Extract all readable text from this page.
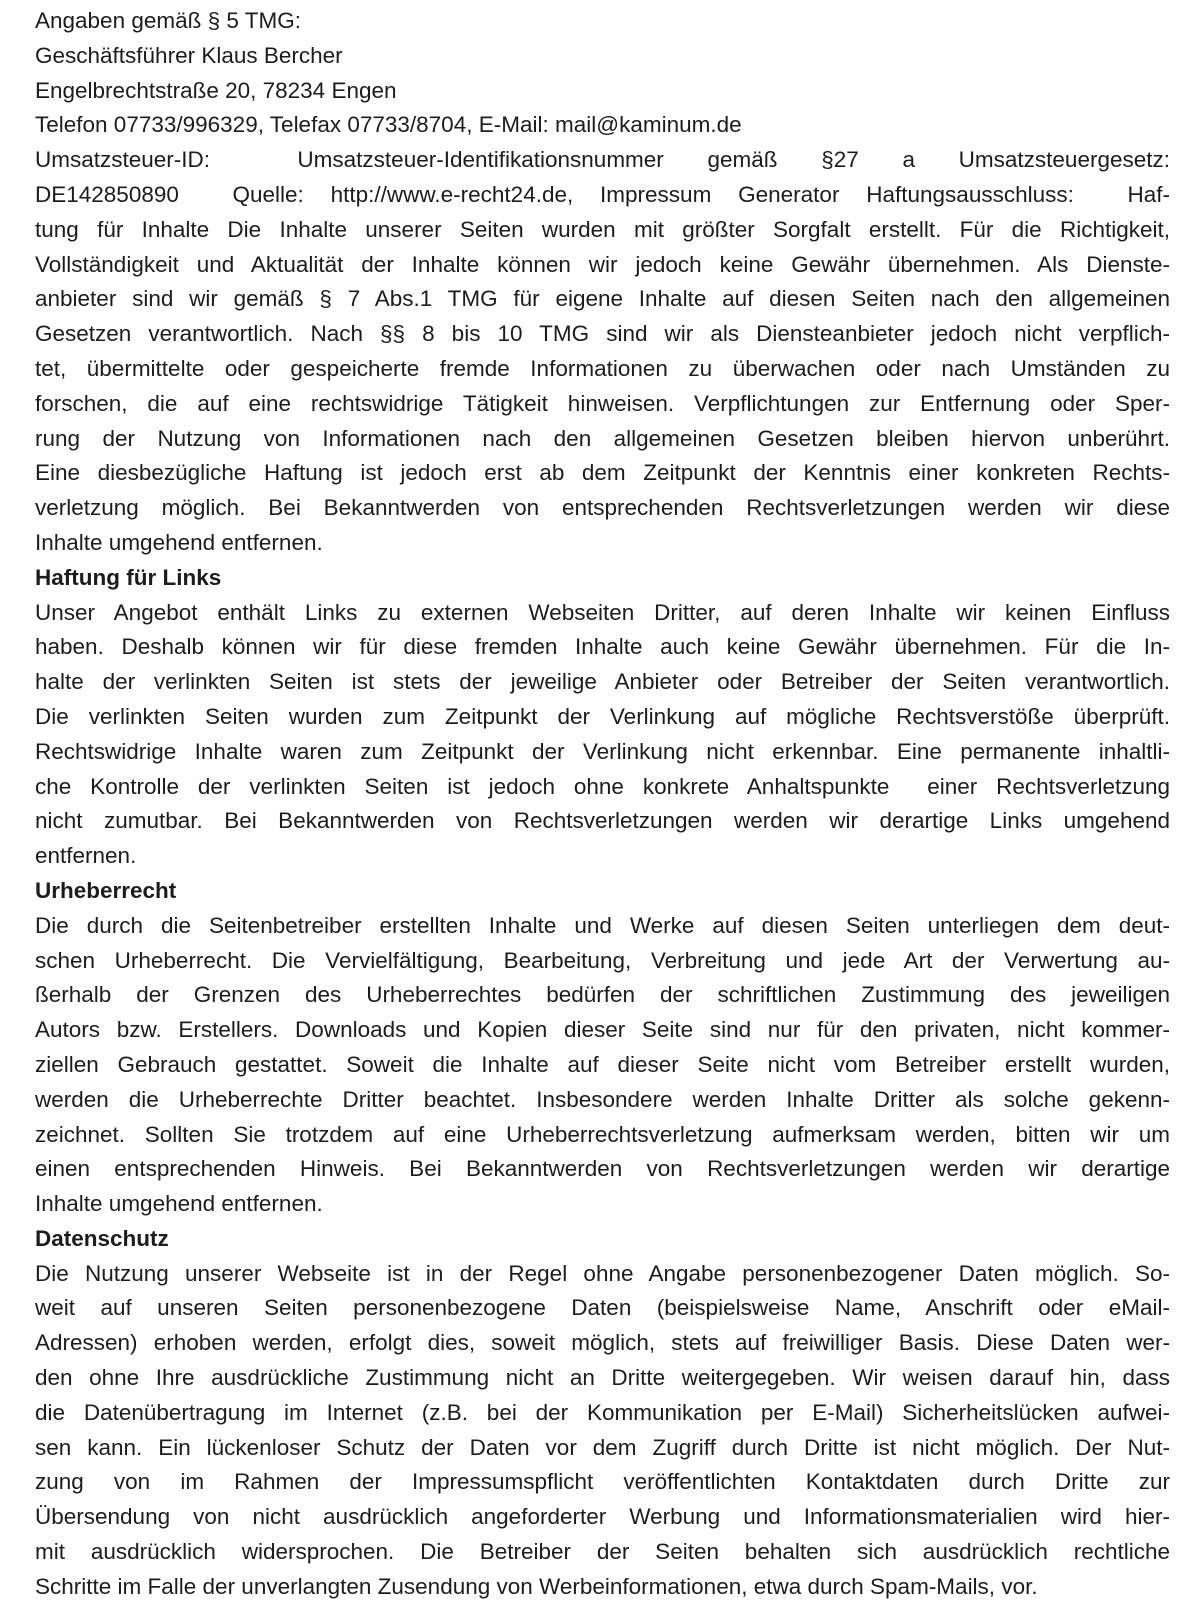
Angaben gemäß § 5 TMG:
Geschäftsführer Klaus Bercher
Engelbrechtstraße 20, 78234 Engen
Telefon 07733/996329, Telefax 07733/8704, E-Mail: mail@kaminum.de
Umsatzsteuer-ID:  Umsatzsteuer-Identifikationsnummer gemäß §27 a Umsatzsteuergesetz:
DE142850890  Quelle: http://www.e-recht24.de, Impressum Generator Haftungsausschluss:  Haf-
tung für Inhalte Die Inhalte unserer Seiten wurden mit größter Sorgfalt erstellt. Für die Richtigkeit,
Vollständigkeit und Aktualität der Inhalte können wir jedoch keine Gewähr übernehmen. Als Dienste-
anbieter sind wir gemäß § 7 Abs.1 TMG für eigene Inhalte auf diesen Seiten nach den allgemeinen
Gesetzen verantwortlich. Nach §§ 8 bis 10 TMG sind wir als Diensteanbieter jedoch nicht verpflich-
tet, übermittelte oder gespeicherte fremde Informationen zu überwachen oder nach Umständen zu
forschen, die auf eine rechtswidrige Tätigkeit hinweisen. Verpflichtungen zur Entfernung oder Sper-
rung der Nutzung von Informationen nach den allgemeinen Gesetzen bleiben hiervon unberührt.
Eine diesbezügliche Haftung ist jedoch erst ab dem Zeitpunkt der Kenntnis einer konkreten Rechts-
verletzung möglich. Bei Bekanntwerden von entsprechenden Rechtsverletzungen werden wir diese
Inhalte umgehend entfernen.
Haftung für Links
Unser Angebot enthält Links zu externen Webseiten Dritter, auf deren Inhalte wir keinen Einfluss
haben. Deshalb können wir für diese fremden Inhalte auch keine Gewähr übernehmen. Für die In-
halte der verlinkten Seiten ist stets der jeweilige Anbieter oder Betreiber der Seiten verantwortlich.
Die verlinkten Seiten wurden zum Zeitpunkt der Verlinkung auf mögliche Rechtsverstöße überprüft.
Rechtswidrige Inhalte waren zum Zeitpunkt der Verlinkung nicht erkennbar. Eine permanente inhaltli-
che Kontrolle der verlinkten Seiten ist jedoch ohne konkrete Anhaltspunkte  einer Rechtsverletzung
nicht zumutbar. Bei Bekanntwerden von Rechtsverletzungen werden wir derartige Links umgehend
entfernen.
Urheberrecht
Die durch die Seitenbetreiber erstellten Inhalte und Werke auf diesen Seiten unterliegen dem deut-
schen Urheberrecht. Die Vervielfältigung, Bearbeitung, Verbreitung und jede Art der Verwertung au-
ßerhalb der Grenzen des Urheberrechtes bedürfen der schriftlichen Zustimmung des jeweiligen
Autors bzw. Erstellers. Downloads und Kopien dieser Seite sind nur für den privaten, nicht kommer-
ziellen Gebrauch gestattet. Soweit die Inhalte auf dieser Seite nicht vom Betreiber erstellt wurden,
werden die Urheberrechte Dritter beachtet. Insbesondere werden Inhalte Dritter als solche gekenn-
zeichnet. Sollten Sie trotzdem auf eine Urheberrechtsverletzung aufmerksam werden, bitten wir um
einen entsprechenden Hinweis. Bei Bekanntwerden von Rechtsverletzungen werden wir derartige
Inhalte umgehend entfernen.
Datenschutz
Die Nutzung unserer Webseite ist in der Regel ohne Angabe personenbezogener Daten möglich. So-
weit auf unseren Seiten personenbezogene Daten (beispielsweise Name, Anschrift oder eMail-
Adressen) erhoben werden, erfolgt dies, soweit möglich, stets auf freiwilliger Basis. Diese Daten wer-
den ohne Ihre ausdrückliche Zustimmung nicht an Dritte weitergegeben. Wir weisen darauf hin, dass
die Datenübertragung im Internet (z.B. bei der Kommunikation per E-Mail) Sicherheitslücken aufwei-
sen kann. Ein lückenloser Schutz der Daten vor dem Zugriff durch Dritte ist nicht möglich. Der Nut-
zung von im Rahmen der Impressumspflicht veröffentlichten Kontaktdaten durch Dritte zur
Übersendung von nicht ausdrücklich angeforderter Werbung und Informationsmaterialien wird hier-
mit ausdrücklich widersprochen. Die Betreiber der Seiten behalten sich ausdrücklich rechtliche
Schritte im Falle der unverlangten Zusendung von Werbeinformationen, etwa durch Spam-Mails, vor.
